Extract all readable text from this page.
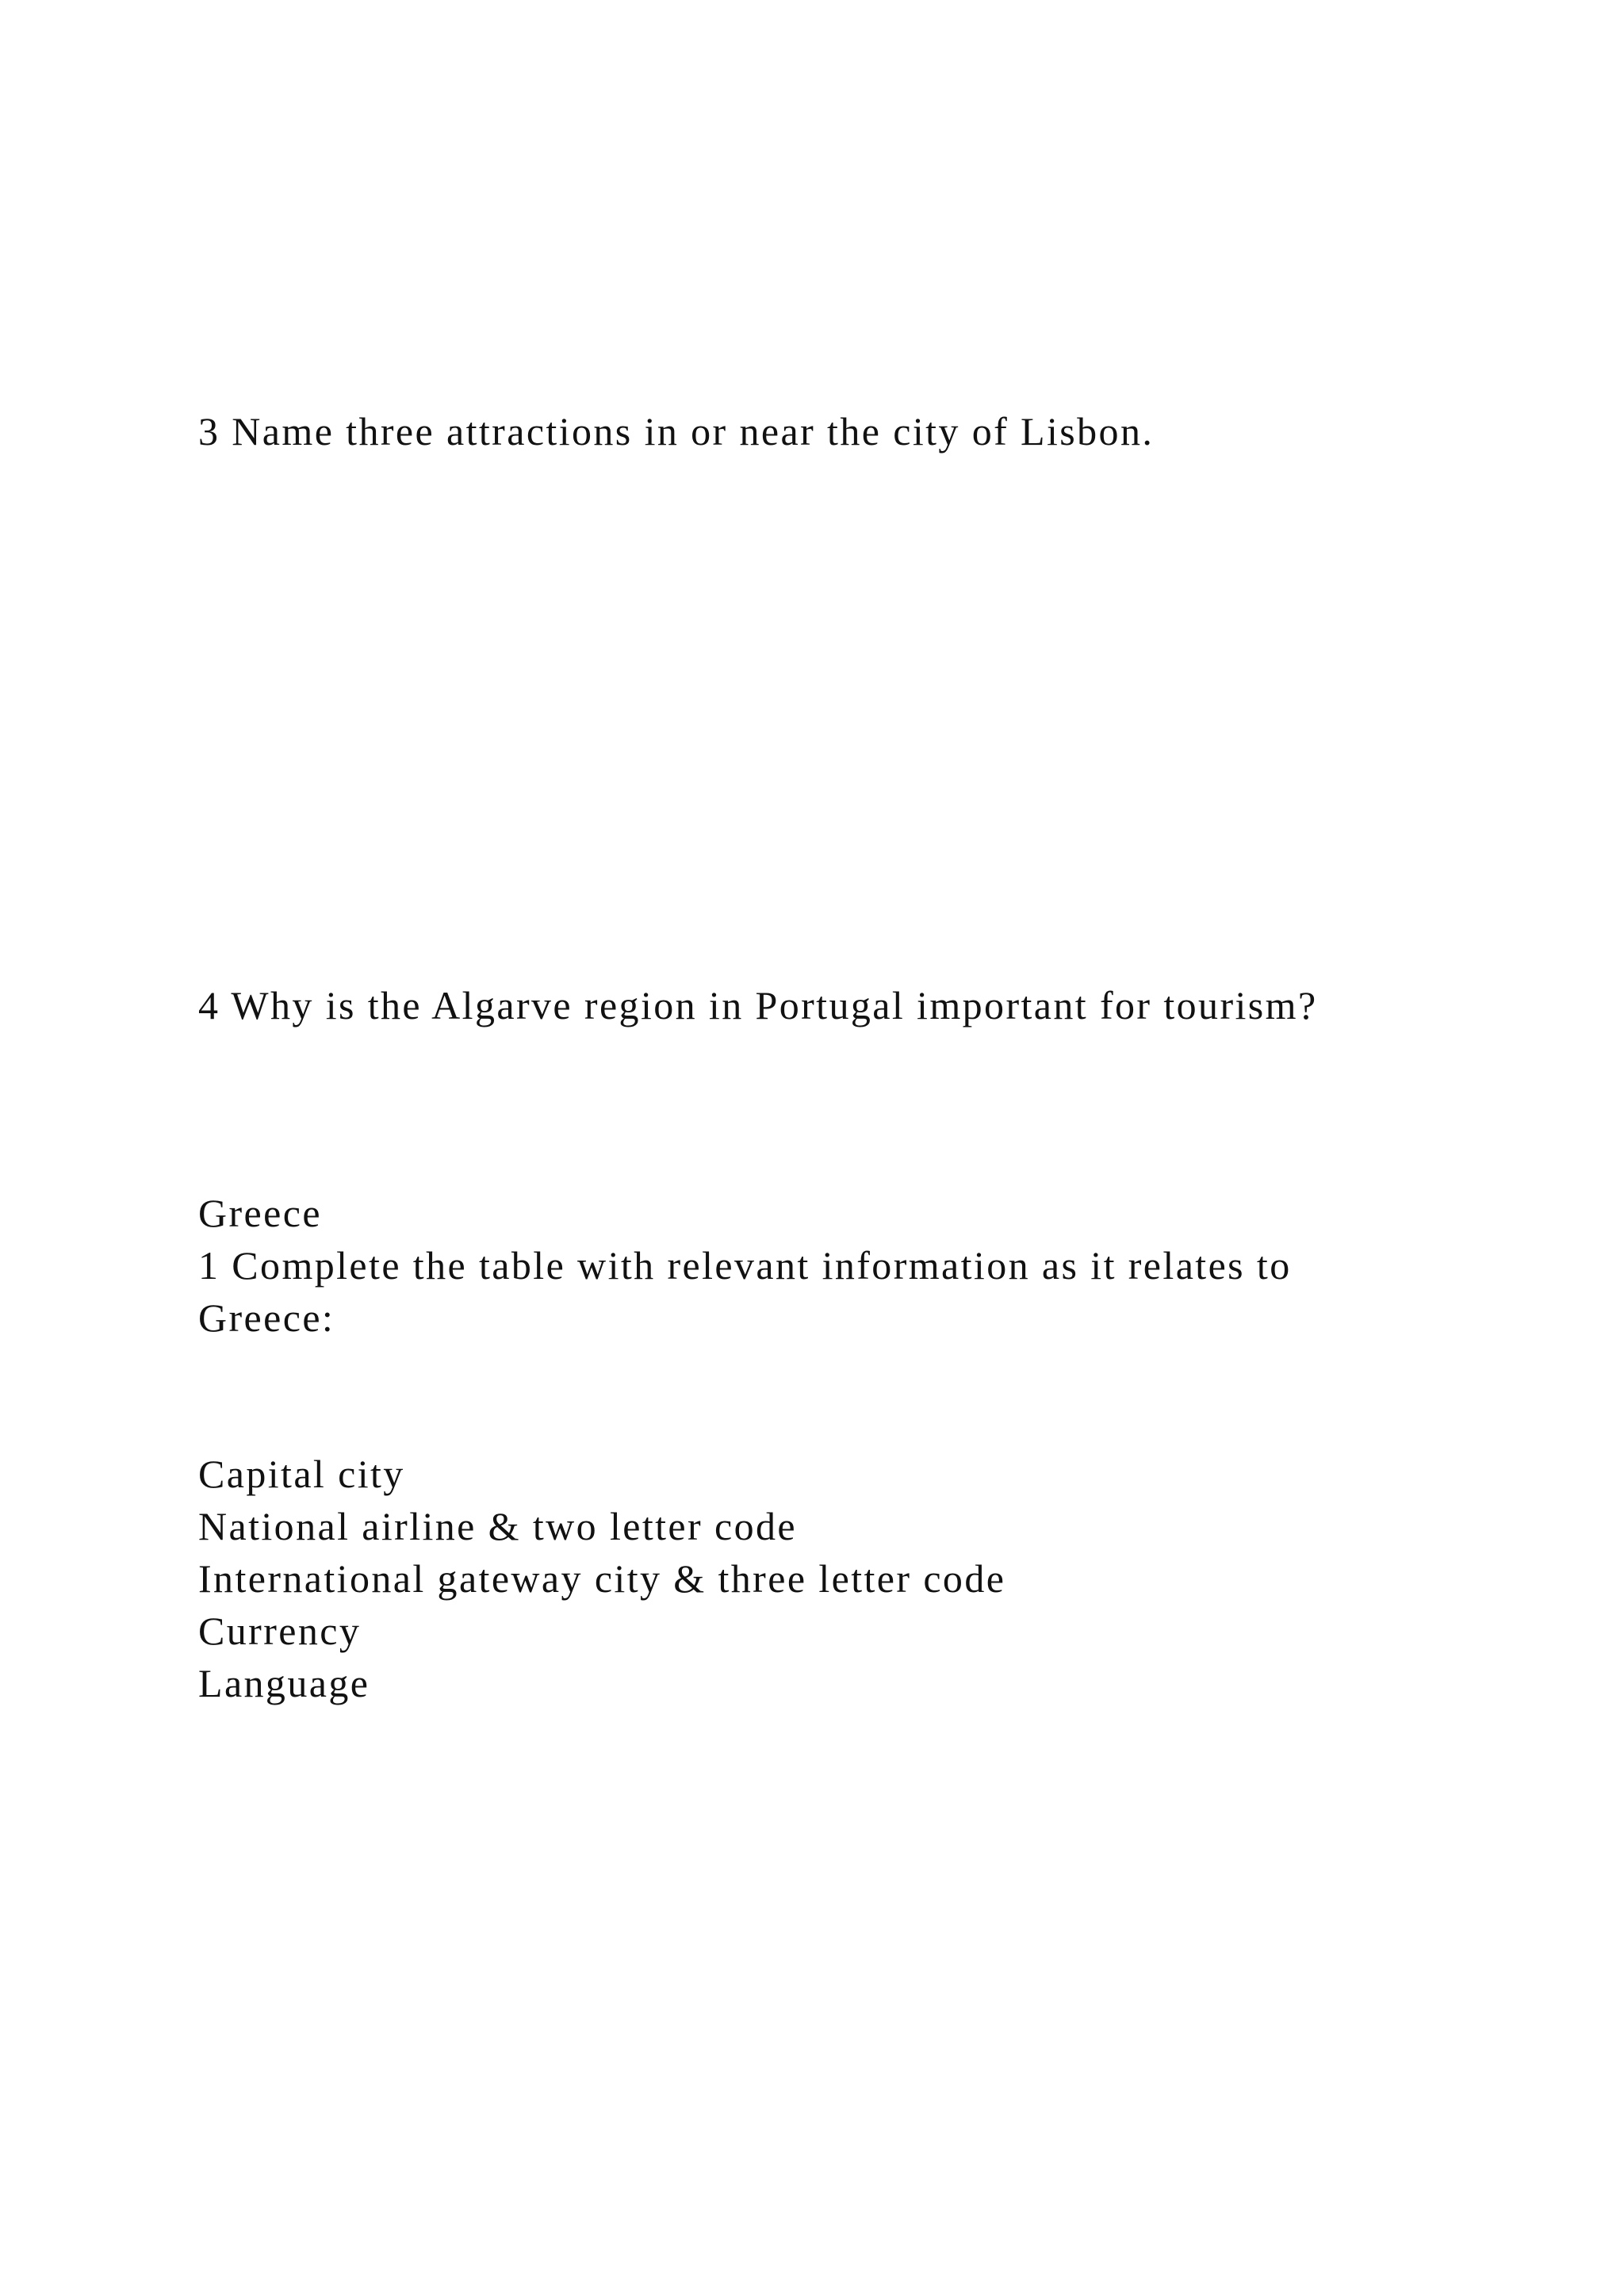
3 Name three attractions in or near the city of Lisbon.
4 Why is the Algarve region in Portugal important for tourism?
Greece
1 Complete the table with relevant information as it relates to
Greece:
Capital city
National airline & two letter code
International gateway city & three letter code
Currency
Language
